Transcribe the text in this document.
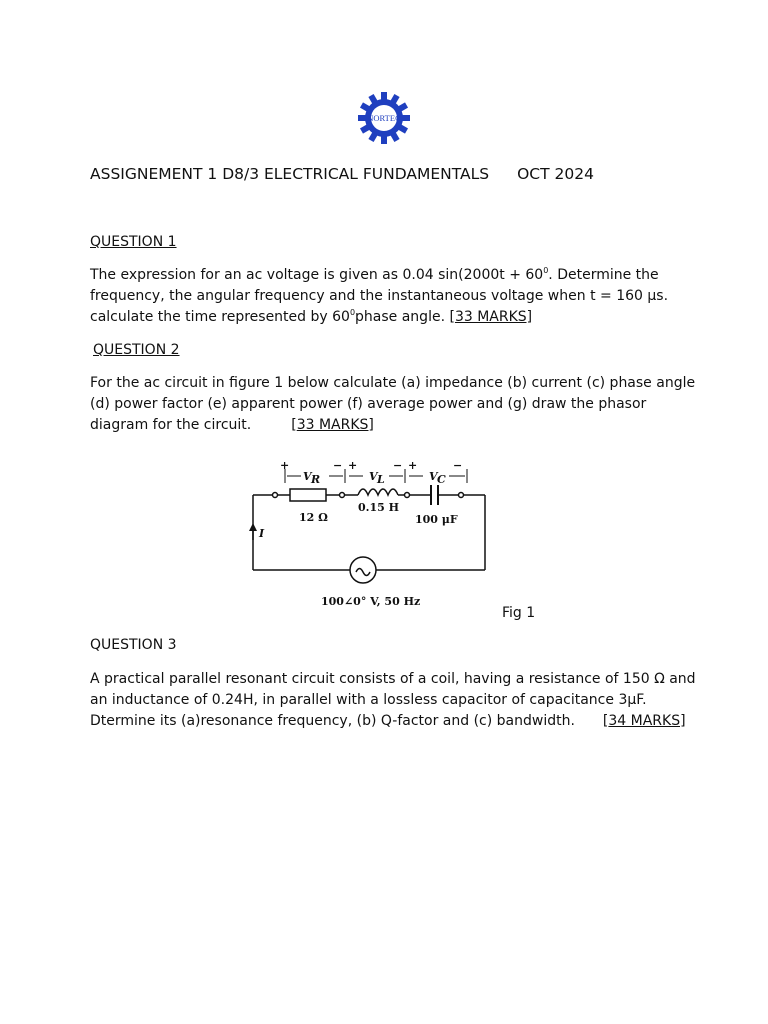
NORTEC
ASSIGNEMENT 1 D8/3 ELECTRICAL FUNDAMENTALS OCT 2024
QUESTION 1
The expression for an ac voltage is given as 0.04 $\sin(2000t + 60^0$. Determine the frequency, the angular frequency and the instantaneous voltage when t = 160 μs. calculate the time represented by $60^0phase$ angle. [33 MARKS]
QUESTION 2
For the ac circuit in figure 1 below calculate (a) impedance (b) current (c) phase angle (d) power factor (e) apparent power (f) average power and (g) draw the phasor diagram for the circuit.	[33 MARKS]
+	− +	− +	−
V R	V L	V C
12 Ω
0.15 H
100 μF
I
100∠0° V, 50 Hz
Fig 1
QUESTION 3
A practical parallel resonant circuit consists of a coil, having a resistance of 150 Ω and an inductance of 0.24H, in parallel with a lossless capacitor of capacitance 3μF. Dtermine its (a)resonance frequency, (b) Q-factor and (c) bandwidth. [34 MARKS]
